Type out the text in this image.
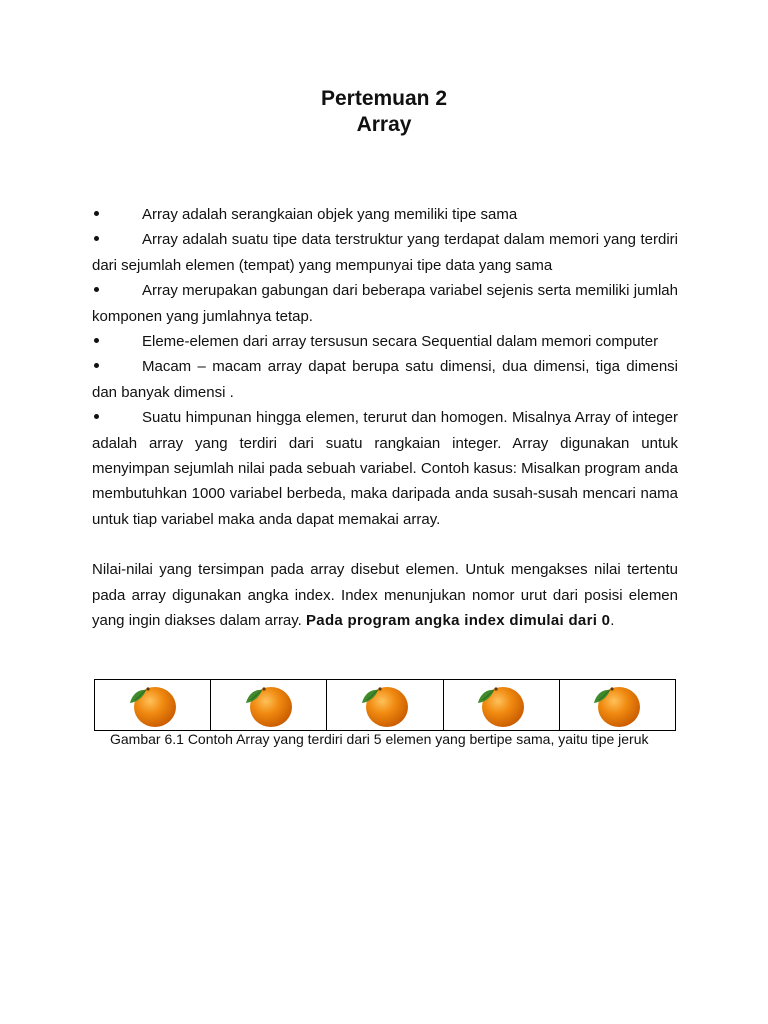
Pertemuan 2

Array

Array adalah serangkaian objek yang memiliki tipe sama

Array adalah suatu tipe data terstruktur yang terdapat dalam memori yang terdiri dari sejumlah elemen (tempat) yang mempunyai tipe data yang sama

Array merupakan gabungan dari beberapa variabel sejenis serta memiliki jumlah komponen yang jumlahnya tetap.

Eleme-elemen dari array tersusun secara Sequential dalam memori computer

Macam – macam array dapat berupa satu dimensi, dua dimensi, tiga dimensi dan banyak dimensi .

Suatu himpunan hingga elemen, terurut dan homogen. Misalnya Array of integer adalah array yang terdiri dari suatu rangkaian integer. Array digunakan untuk menyimpan sejumlah nilai pada sebuah variabel. Contoh kasus: Misalkan program anda membutuhkan 1000 variabel berbeda, maka daripada anda susah-susah mencari nama untuk tiap variabel maka anda dapat memakai array.

Nilai-nilai yang tersimpan pada array disebut elemen. Untuk mengakses nilai tertentu pada array digunakan angka index. Index menunjukan nomor urut dari posisi elemen yang ingin diakses dalam array. Pada program angka index dimulai dari 0.

Gambar 6.1 Contoh Array yang terdiri dari 5 elemen yang bertipe sama, yaitu tipe jeruk
